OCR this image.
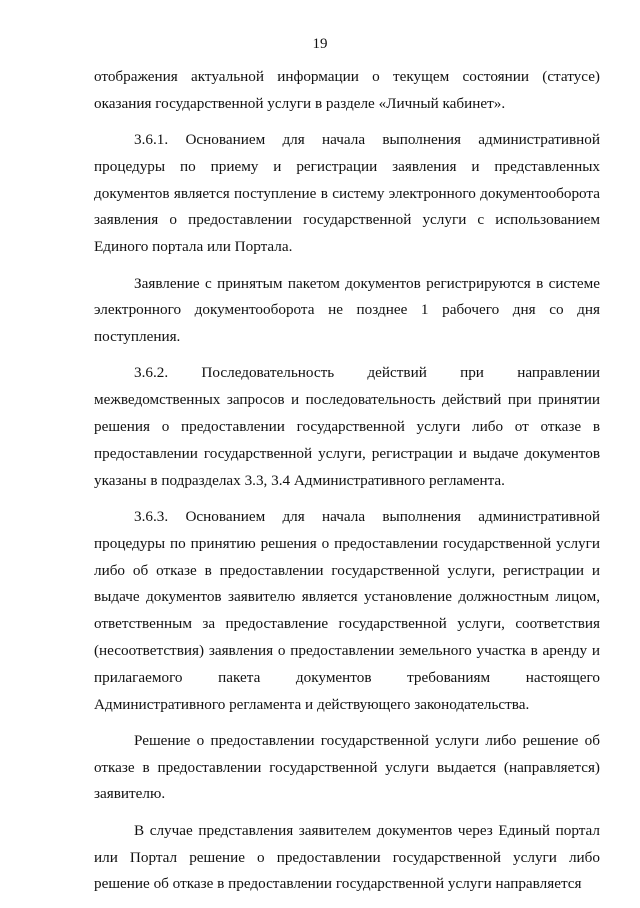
19

отображения актуальной информации о текущем состоянии (статусе) оказания государственной услуги в разделе «Личный кабинет».

3.6.1. Основанием для начала выполнения административной процедуры по приему и регистрации заявления и представленных документов является поступление в систему электронного документооборота заявления о предоставлении государственной услуги с использованием Единого портала или Портала.

Заявление с принятым пакетом документов регистрируются в системе электронного документооборота не позднее 1 рабочего дня со дня поступления.

3.6.2. Последовательность действий при направлении межведомственных запросов и последовательность действий при принятии решения о предоставлении государственной услуги либо от отказе в предоставлении государственной услуги, регистрации и выдаче документов указаны в подразделах 3.3, 3.4 Административного регламента.

3.6.3. Основанием для начала выполнения административной процедуры по принятию решения о предоставлении государственной услуги либо об отказе в предоставлении государственной услуги, регистрации и выдаче документов заявителю является установление должностным лицом, ответственным за предоставление государственной услуги, соответствия (несоответствия) заявления о предоставлении земельного участка в аренду и прилагаемого пакета документов требованиям настоящего Административного регламента и действующего законодательства.

Решение о предоставлении государственной услуги либо решение об отказе в предоставлении государственной услуги выдается (направляется) заявителю.

В случае представления заявителем документов через Единый портал или Портал решение о предоставлении государственной услуги либо решение об отказе в предоставлении государственной услуги направляется
